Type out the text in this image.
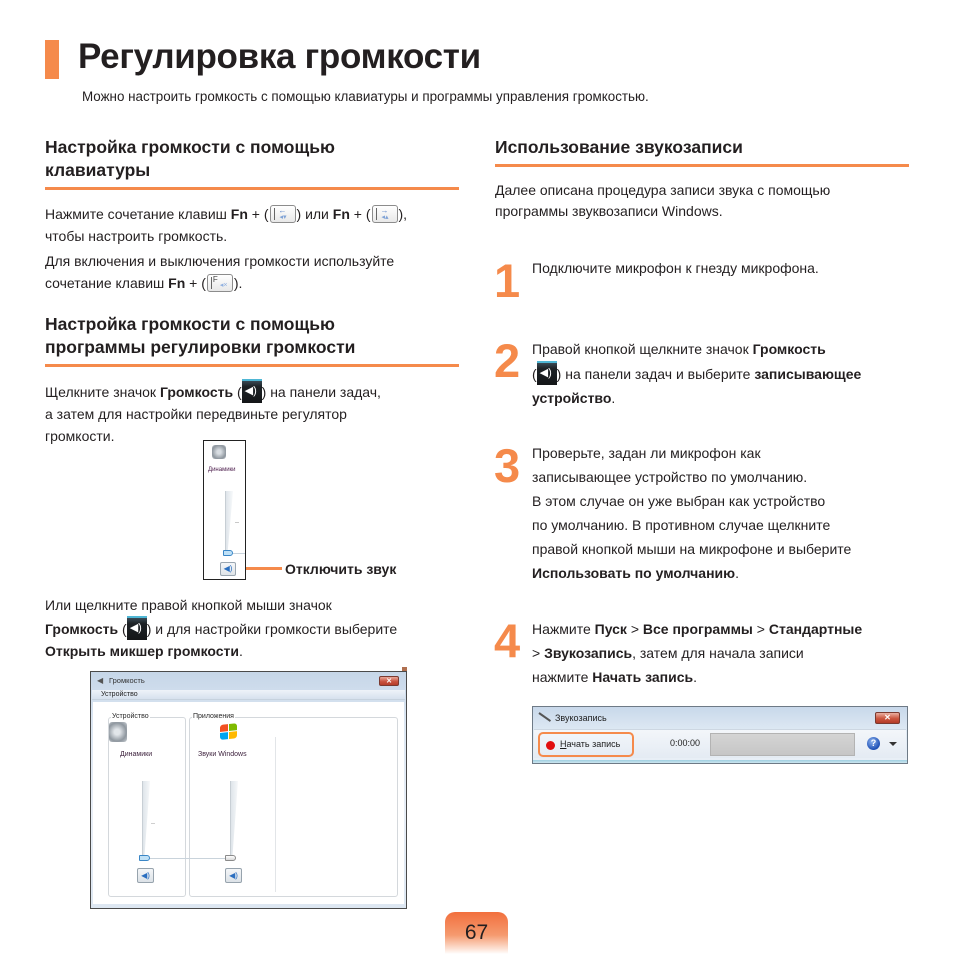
Регулировка громкости

Можно настроить громкость с помощью клавиатуры и программы управления громкостью.

Настройка громкости с помощью
клавиатуры

Нажмите сочетание клавиш Fn + ( ←
◂▾ ) или Fn + ( →
◂▴ ),
чтобы настроить громкость.

Для включения и выключения громкости используйте
сочетание клавиш Fn + ( F
◂× ).

Настройка громкости с помощью
программы регулировки громкости

Щелкните значок Громкость ( ◀) ) на панели задач,
а затем для настройки передвиньте регулятор
громкости.

Динамики
◀)	Отключить звук

Или щелкните правой кнопкой мыши значок
Громкость ( ◀) ) и для настройки громкости выберите
Открыть микшер громкости.

◀ Громкость	✕
Устройство
Устройство	Приложения
Динамики	Звуки Windows
◀)	◀)
Использование звукозаписи

Далее описана процедура записи звука с помощью
программы звуквозаписи Windows.

1 Подключите микрофон к гнезду микрофона.

2 Правой кнопкой щелкните значок Громкость
( ◀) ) на панели задач и выберите записывающее
устройство.

3 Проверьте, задан ли микрофон как
записывающее устройство по умолчанию.
В этом случае он уже выбран как устройство
по умолчанию. В противном случае щелкните
правой кнопкой мыши на микрофоне и выберите
Использовать по умолчанию.

4 Нажмите Пуск > Все программы > Стандартные
> Звукозапись, затем для начала записи
нажмите Начать запись.

Звукозапись	✕
Начать запись	0:00:00	?
67
